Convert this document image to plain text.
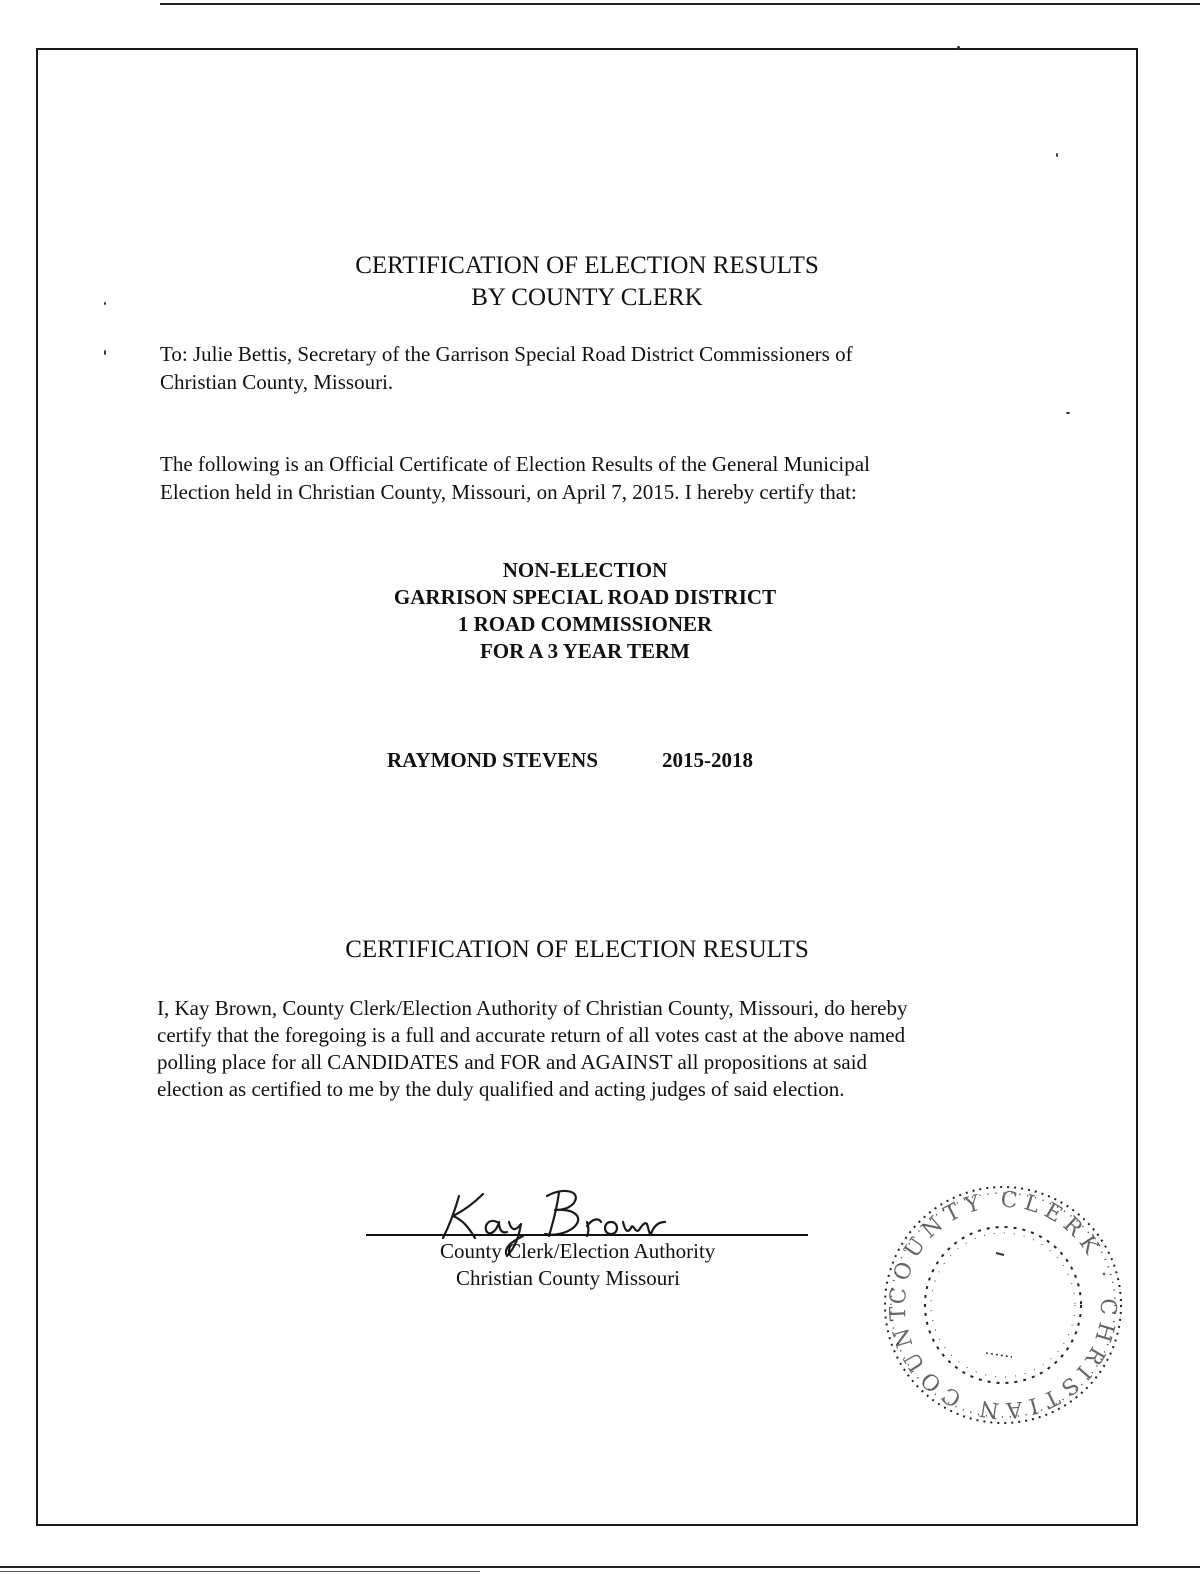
CERTIFICATION OF ELECTION RESULTS
BY COUNTY CLERK

To: Julie Bettis, Secretary of the Garrison Special Road District Commissioners of

Christian County, Missouri.

The following is an Official Certificate of Election Results of the General Municipal

Election held in Christian County, Missouri, on April 7, 2015. I hereby certify that:

NON-ELECTION
GARRISON SPECIAL ROAD DISTRICT
1 ROAD COMMISSIONER
FOR A 3 YEAR TERM
RAYMOND STEVENS	2015-2018
CERTIFICATION OF ELECTION RESULTS

I, Kay Brown, County Clerk/Election Authority of Christian County, Missouri, do hereby

certify that the foregoing is a full and accurate return of all votes cast at the above named

polling place for all CANDIDATES and FOR and AGAINST all propositions at said

election as certified to me by the duly qualified and acting judges of said election.

County Clerk/Election Authority
Christian County Missouri
COUNTY CLERK · CHRISTIAN COUNT
